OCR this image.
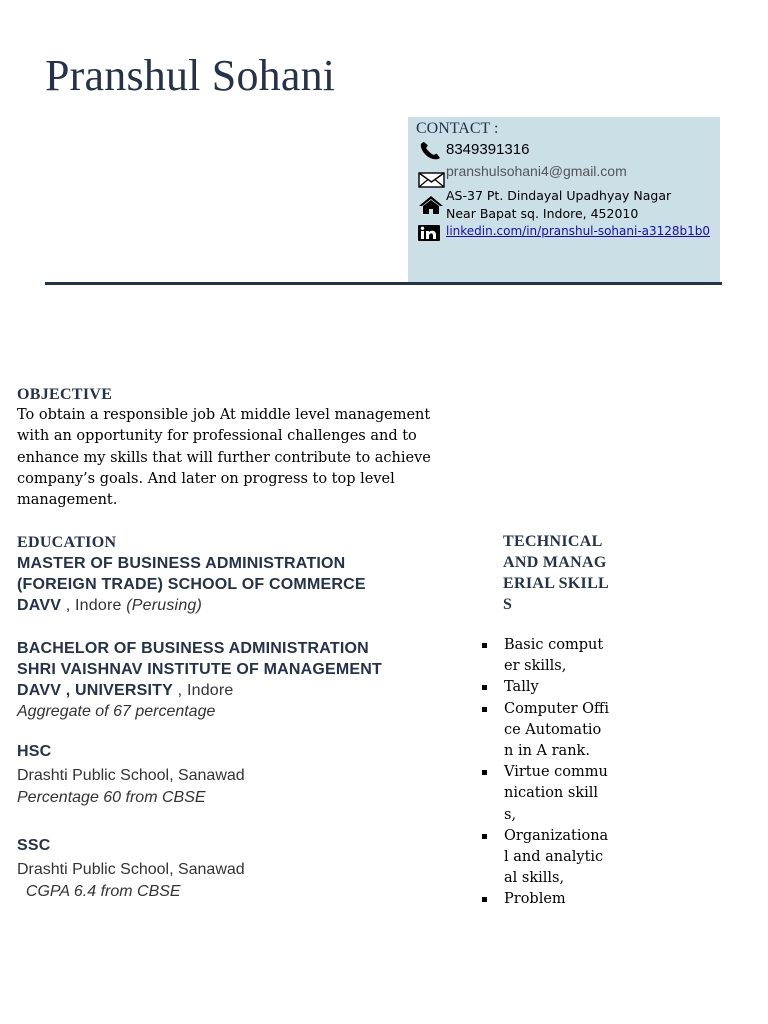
Pranshul Sohani
CONTACT :
8349391316
pranshulsohani4@gmail.com
AS-37 Pt. Dindayal Upadhyay Nagar
Near Bapat sq. Indore, 452010
linkedin.com/in/pranshul-sohani-a3128b1b0
OBJECTIVE
To obtain a responsible job At middle level management with an opportunity for professional challenges and to enhance my skills that will further contribute to achieve company’s goals. And later on progress to top level management.
EDUCATION
MASTER OF BUSINESS ADMINISTRATION
(FOREIGN TRADE) SCHOOL OF COMMERCE
DAVV , Indore (Perusing)
BACHELOR OF BUSINESS ADMINISTRATION
SHRI VAISHNAV INSTITUTE OF MANAGEMENT
DAVV , UNIVERSITY , Indore
Aggregate of 67 percentage
HSC
Drashti Public School, Sanawad
Percentage 60 from CBSE
SSC
Drashti Public School, Sanawad
CGPA 6.4 from CBSE
TECHNICAL AND MANAGERIAL SKILLS
Basic computer skills,
Tally
Computer Office Automation in A rank.
Virtue communication skills,
Organizational and analytical skills,
Problem
